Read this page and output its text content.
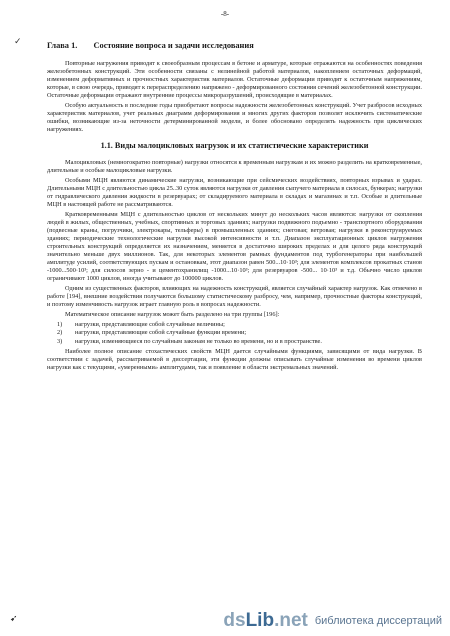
-8-
✓	Глава 1. Состояние вопроса и задачи исследования

Повторные нагружения приводят к своеобразным процессам в бетоне и арматуре, которые отражаются на особенностях поведения железобетонных конструкций. Эти особенности связаны с нелинейной работой материалов, накоплением остаточных деформаций, изменением деформативных и прочностных характеристик материалов. Остаточные деформации приводят к остаточным напряжениям, которые, в свою очередь, приводят к перераспределению напряжено - деформированного состояния сечений железобетонной конструкции. Остаточные деформации отражают внутренние процессы микроразрушений, происходящие в материалах.

Особую актуальность в последние годы приобретают вопросы надежности железобетонных конструкций. Учет разбросов исходных характеристик материалов, учет реальных диаграмм деформирования и многих других факторов позволят исключить систематические ошибки, возникающие из-за неточности детерминированной модели, и более обосновано определять надежность при циклических нагружениях.

1.1. Виды малоцикловых нагрузок и их статистические характеристики

Малоцикловых (немногократно повторные) нагрузки относятся к временным нагрузкам и их можно разделить на кратковременные, длительные и особые малоцикловые нагрузки.

Особыми МЦН являются динамические нагрузки, возникающие при сейсмических воздействиях, повторных взрывах и ударах. Длительными МЦН с длительностью цикла 25..30 суток являются нагрузки от давления сыпучего материала в силосах, бункерах; нагрузки от гидравлического давления жидкости в резервуарах; от складируемого материала в складах и магазинах и т.п. Особые и длительные МЦН в настоящей работе не рассматриваются.

Кратковременными МЦН с длительностью циклов от нескольких минут до нескольких часов являются: нагрузки от скопления людей в жилых, общественных, учебных, спортивных и торговых зданиях; нагрузки подвижного подъемно - транспортного оборудования (подвесные краны, погрузчики, электрокары, тельферы) в промышленных зданиях; снеговая; ветровая; нагрузки в реконструируемых зданиях; периодические технологические нагрузки высокой интенсивности и т.п. Диапазон эксплуатационных циклов нагружения строительных конструкций определяется их назначением, меняется в достаточно широких пределах и для целого ряда конструкций значительно меньше двух миллионов. Так, для некоторых элементов рамных фундаментов под турбогенераторы при наибольшей амплитуде усилий, соответствующих пускам и остановкам, этот диапазон равен 500...10·10³; для элементов комплексов прокатных станов -1000...500·10³; для силосов зерно - и цементохранилищ -1000...10·10³; для резервуаров -500... 10·10³ и т.д. Обычно число циклов ограничивают 1000 циклов, иногда учитывают до 100000 циклов.

Одним из существенных факторов, влияющих на надежность конструкций, является случайный характер нагрузок. Как отмечено в работе [194], внешние воздействия получаются большому статистическому разбросу, чем, например, прочностные факторы конструкций, и поэтому изменчивость нагрузок играет главную роль в вопросах надежности.

Математическое описание нагрузок может быть разделено на три группы [196]:

1)	нагрузки, представляющие собой случайные величины;
2)	нагрузки, представляющие собой случайные функции времени;
3)	нагрузки, изменяющиеся по случайным законам не только во времени, но и в пространстве.

Наиболее полное описание стохастических свойств МЦН дается случайными функциями, зависящими от вида нагрузки. В соответствии с задачей, рассматриваемой в диссертации, эти функции должны описывать случайные изменения во времени циклов нагрузки как с текущими, «умеренными» амплитудами, так и появление в области экстремальных значений.

➹	dsLib.net библиотека диссертаций
